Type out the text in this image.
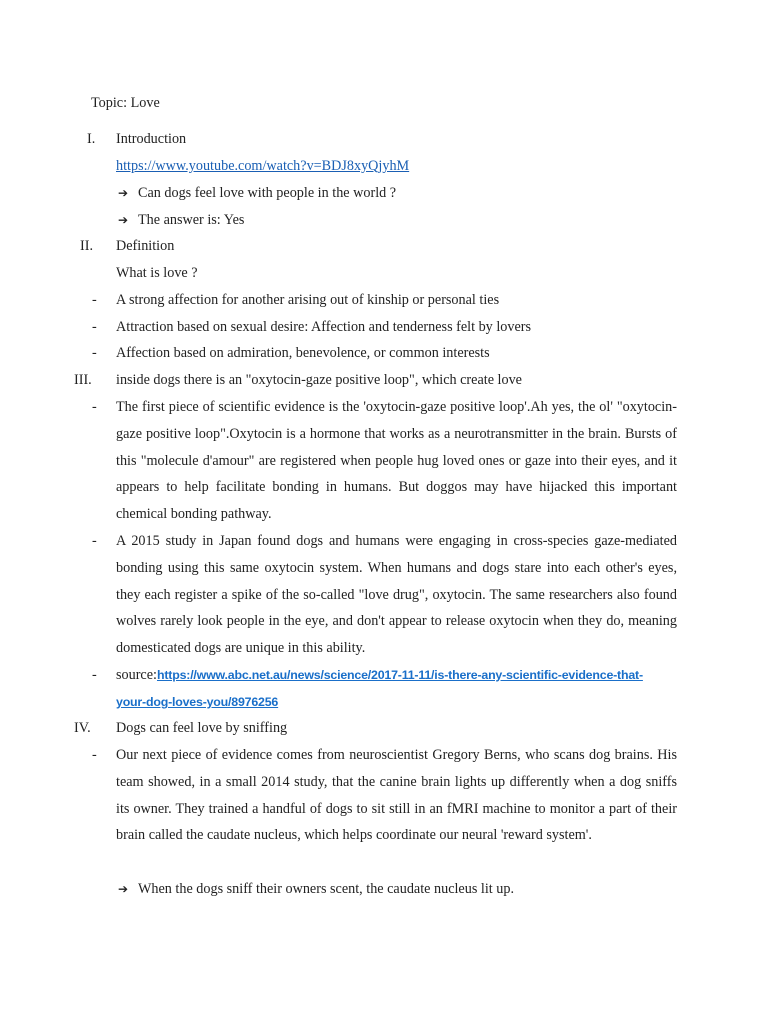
Topic: Love
I. Introduction
https://www.youtube.com/watch?v=BDJ8xyQjyhM
➔ Can dogs feel love with people in the world ?
➔ The answer is: Yes
II. Definition
What is love ?
- A strong affection for another arising out of kinship or personal ties
- Attraction based on sexual desire: Affection and tenderness felt by lovers
- Affection based on admiration, benevolence, or common interests
III. inside dogs there is an "oxytocin-gaze positive loop", which create love
- The first piece of scientific evidence is the 'oxytocin-gaze positive loop'.Ah yes, the ol' "oxytocin-gaze positive loop".Oxytocin is a hormone that works as a neurotransmitter in the brain. Bursts of this "molecule d'amour" are registered when people hug loved ones or gaze into their eyes, and it appears to help facilitate bonding in humans. But doggos may have hijacked this important chemical bonding pathway.
- A 2015 study in Japan found dogs and humans were engaging in cross-species gaze-mediated bonding using this same oxytocin system. When humans and dogs stare into each other's eyes, they each register a spike of the so-called "love drug", oxytocin. The same researchers also found wolves rarely look people in the eye, and don't appear to release oxytocin when they do, meaning domesticated dogs are unique in this ability.
- source:https://www.abc.net.au/news/science/2017-11-11/is-there-any-scientific-evidence-that-
your-dog-loves-you/8976256
IV. Dogs can feel love by sniffing
- Our next piece of evidence comes from neuroscientist Gregory Berns, who scans dog brains. His team showed, in a small 2014 study, that the canine brain lights up differently when a dog sniffs its owner. They trained a handful of dogs to sit still in an fMRI machine to monitor a part of their brain called the caudate nucleus, which helps coordinate our neural 'reward system'.
➔ When the dogs sniff their owners scent, the caudate nucleus lit up.
